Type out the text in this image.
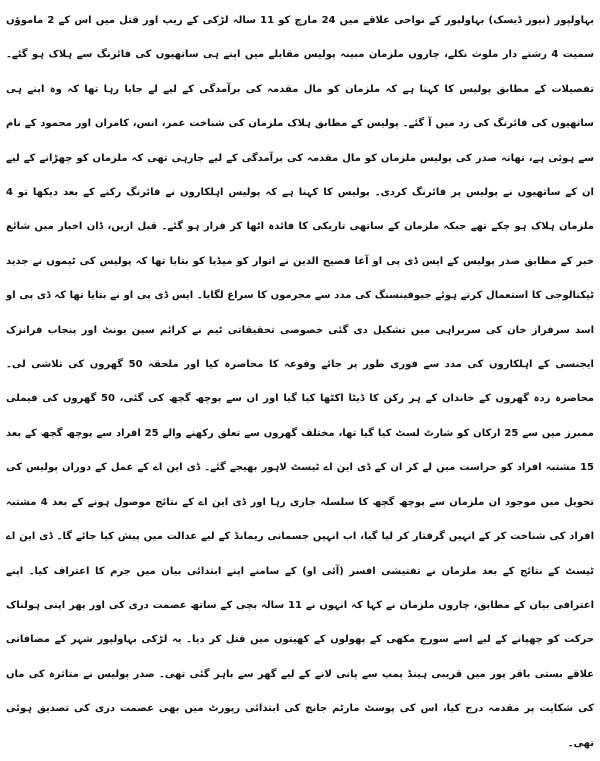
بہاولپور (نیوز ڈیسک) بہاولپور کے نواحی علاقے میں 24 مارچ کو 11 سالہ لڑکی کے ریپ اور قتل میں اس کے 2 ماموؤں سمیت 4 رشتے دار ملوث نکلے، چاروں ملزمان مبینہ پولیس مقابلے میں اپنے ہی ساتھیوں کی فائرنگ سے ہلاک ہو گئے۔ تفصیلات کے مطابق پولیس کا کہنا ہے کہ ملزمان کو مال مقدمہ کی برآمدگی کے لیے لے جایا رہا تھا کہ وہ اپنے ہی ساتھیوں کی فائرنگ کی زد میں آ گئے۔ پولیس کے مطابق ہلاک ملزمان کی شناخت عمر، انس، کامران اور محمود کے نام سے ہوئی ہے، تھانہ صدر کی پولیس ملزمان کو مال مقدمہ کی برآمدگی کے لیے جارہی تھی کہ ملزمان کو چھڑانے کے لیے ان کے ساتھیوں نے پولیس پر فائرنگ کردی۔ پولیس کا کہنا ہے کہ پولیس اہلکاروں نے فائرنگ رکنے کے بعد دیکھا تو 4 ملزمان ہلاک ہو چکے تھے جبکہ ملزمان کے ساتھی تاریکی کا فائدہ اٹھا کر فرار ہو گئے۔ قبل ازیں، ڈان اخبار میں شائع خبر کے مطابق صدر پولیس کے ایس ڈی پی او آغا فصیح الدین نے اتوار کو میڈیا کو بتایا تھا کہ پولیس کی ٹیموں نے جدید ٹیکنالوجی کا استعمال کرتے ہوئے جیوفینسنگ کی مدد سے مجرموں کا سراغ لگایا۔ ایس ڈی پی او نے بتایا تھا کہ ڈی پی او اسد سرفراز خان کی سربراہی میں تشکیل دی گئی خصوصی تحقیقاتی ٹیم نے کرائم سین یونٹ اور پنجاب فرانزک ایجنسی کے اہلکاروں کی مدد سے فوری طور پر جائے وقوعہ کا محاصرہ کیا اور ملحقہ 50 گھروں کی تلاشی لی۔ محاصرہ زدہ گھروں کے خاندان کے ہر رکن کا ڈیٹا اکٹھا کیا گیا اور ان سے پوچھ گچھ کی گئی، 50 گھروں کی فیملی ممبرز میں سے 25 ارکان کو شارٹ لسٹ کیا گیا تھا، مختلف گھروں سے تعلق رکھنے والے 25 افراد سے پوچھ گچھ کے بعد 15 مشتبہ افراد کو حراست میں لے کر ان کے ڈی این اے ٹیسٹ لاہور بھیجے گئے۔ ڈی این اے کے عمل کے دوران پولیس کی تحویل میں موجود ان ملزمان سے پوچھ گچھ کا سلسلہ جاری رہا اور ڈی این اے کے نتائج موصول ہونے کے بعد 4 مشتبہ افراد کی شناخت کر کے انہیں گرفتار کر لیا گیا، اب انہیں جسمانی ریمانڈ کے لیے عدالت میں پیش کیا جائے گا۔ ڈی این اے ٹیسٹ کے نتائج کے بعد ملزمان نے تفتیشی افسر (آئی او) کے سامنے اپنے ابتدائی بیان میں جرم کا اعتراف کیا۔ اپنے اعترافی بیان کے مطابق، چاروں ملزمان نے کہا کہ انہوں نے 11 سالہ بچی کے ساتھ عصمت دری کی اور پھر اپنی ہولناک حرکت کو چھپانے کے لیے اسے سورج مکھی کے پھولوں کے کھیتوں میں قتل کر دیا۔ یہ لڑکی بہاولپور شہر کے مضافاتی علاقے بستی باقر پور میں قریبی ہینڈ پمپ سے پانی لانے کے لیے گھر سے باہر گئی تھی۔ صدر پولیس نے متاثرہ کی ماں کی شکایت پر مقدمہ درج کیا، اس کی پوسٹ مارٹم جانچ کی ابتدائی رپورٹ میں بھی عصمت دری کی تصدیق ہوئی تھی۔
